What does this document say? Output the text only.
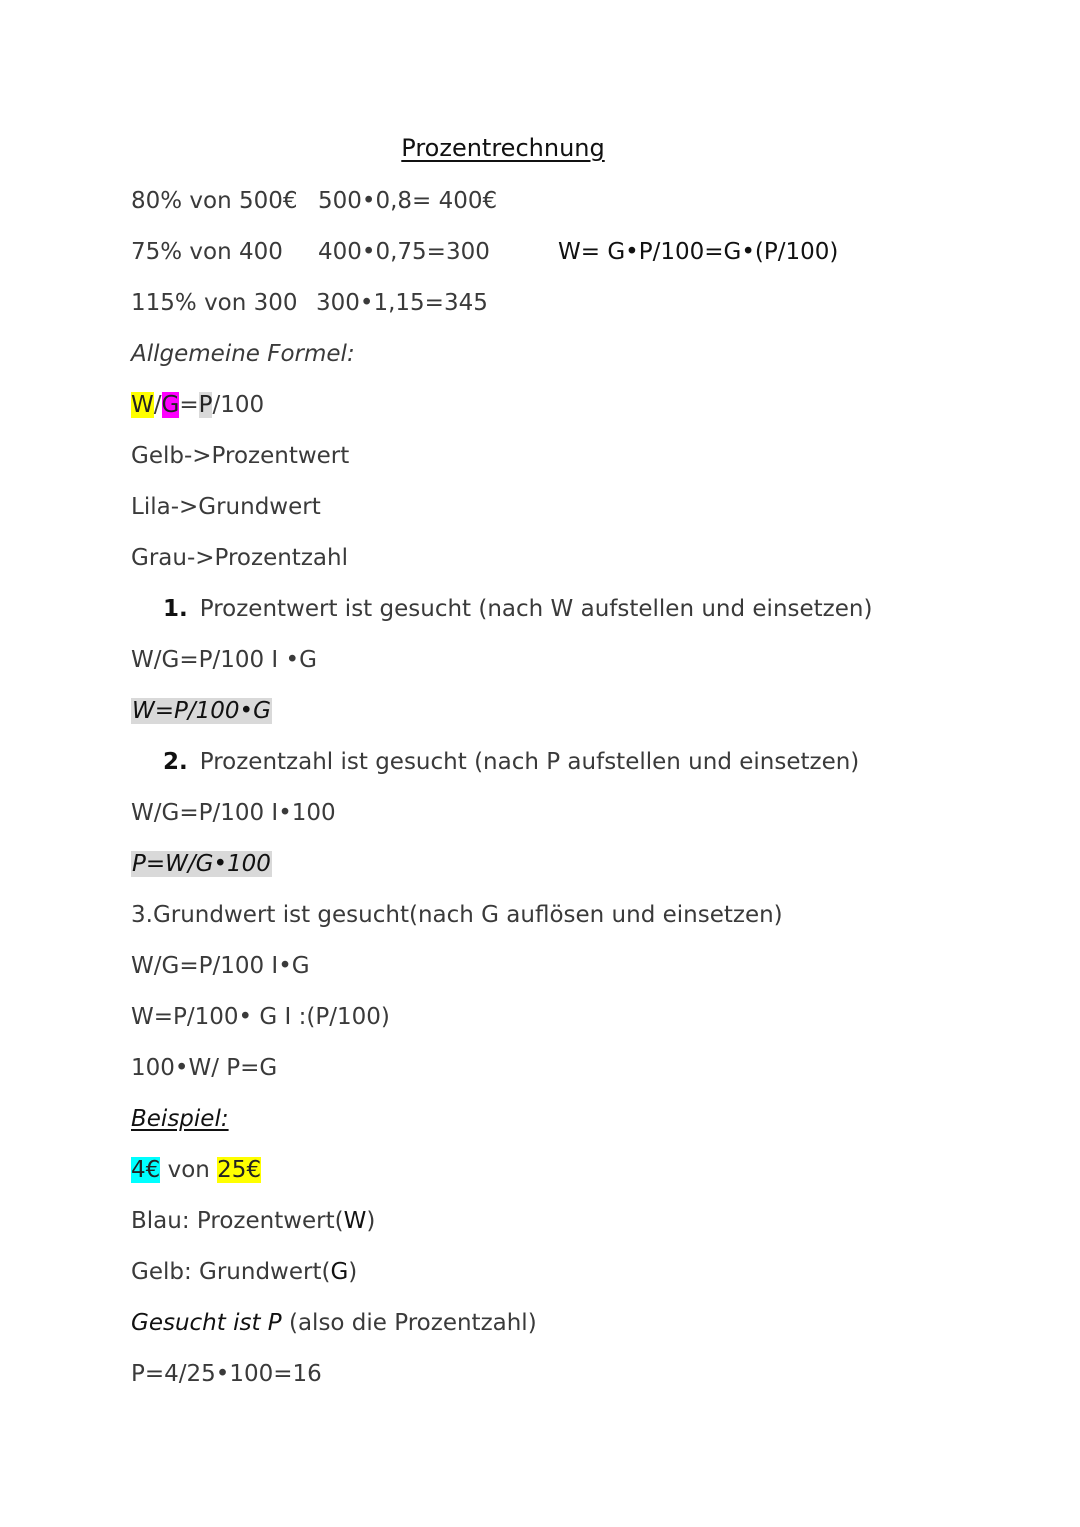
Prozentrechnung
80% von 500€ 500•0,8= 400€
75% von 400 400•0,75=300	W= G•P/100=G•(P/100)
115% von 300 300•1,15=345
Allgemeine Formel:
W/G=P/100
Gelb->Prozentwert
Lila->Grundwert
Grau->Prozentzahl
1. Prozentwert ist gesucht (nach W aufstellen und einsetzen)
W/G=P/100 I •G
W=P/100•G
2. Prozentzahl ist gesucht (nach P aufstellen und einsetzen)
W/G=P/100 I•100
P=W/G•100
3.Grundwert ist gesucht(nach G auflösen und einsetzen)
W/G=P/100 I•G
W=P/100• G I :(P/100)
100•W/ P=G
Beispiel:
4€ von 25€
Blau: Prozentwert(W)
Gelb: Grundwert(G)
Gesucht ist P (also die Prozentzahl)
P=4/25•100=16
